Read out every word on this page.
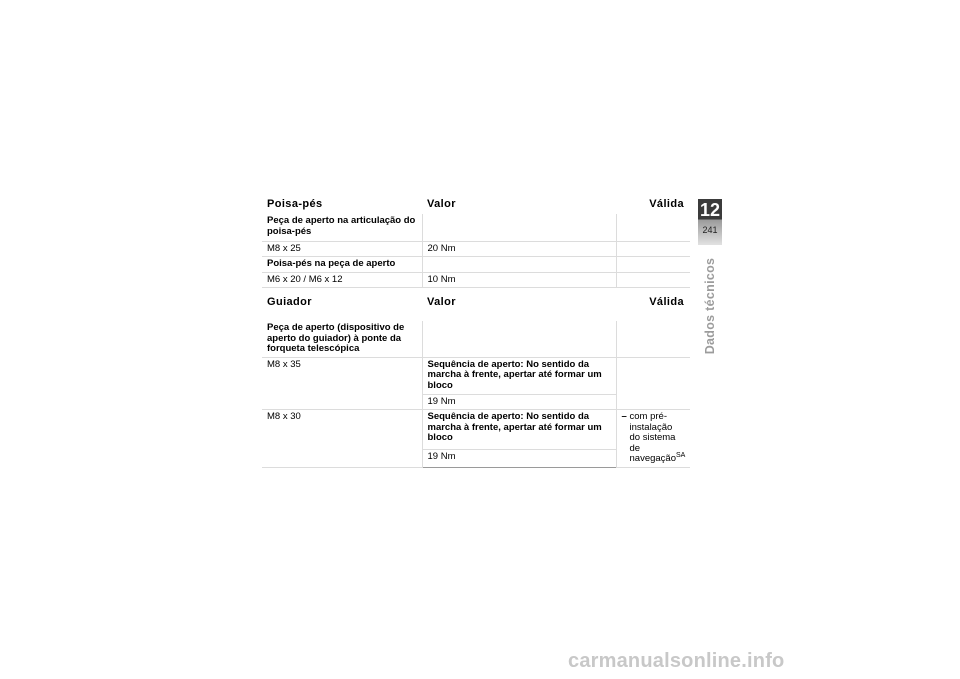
Poisa-pés	Valor	Válida
Peça de aperto na articulação do poisa-pés		
M8 x 25	20 Nm	
Poisa-pés na peça de aperto		
M6 x 20 / M6 x 12	10 Nm	
Guiador	Valor	Válida
Peça de aperto (dispositivo de aperto do guiador) à ponte da forqueta telescópica		
M8 x 35	Sequência de aperto: No sentido da marcha à frente, apertar até formar um bloco	
	19 Nm	
M8 x 30	Sequência de aperto: No sentido da marcha à frente, apertar até formar um bloco	– com pré-instalação do sistema de navegação$^{SA}$

	19 Nm	
12
241
Dados técnicos
carmanualsonline.info
